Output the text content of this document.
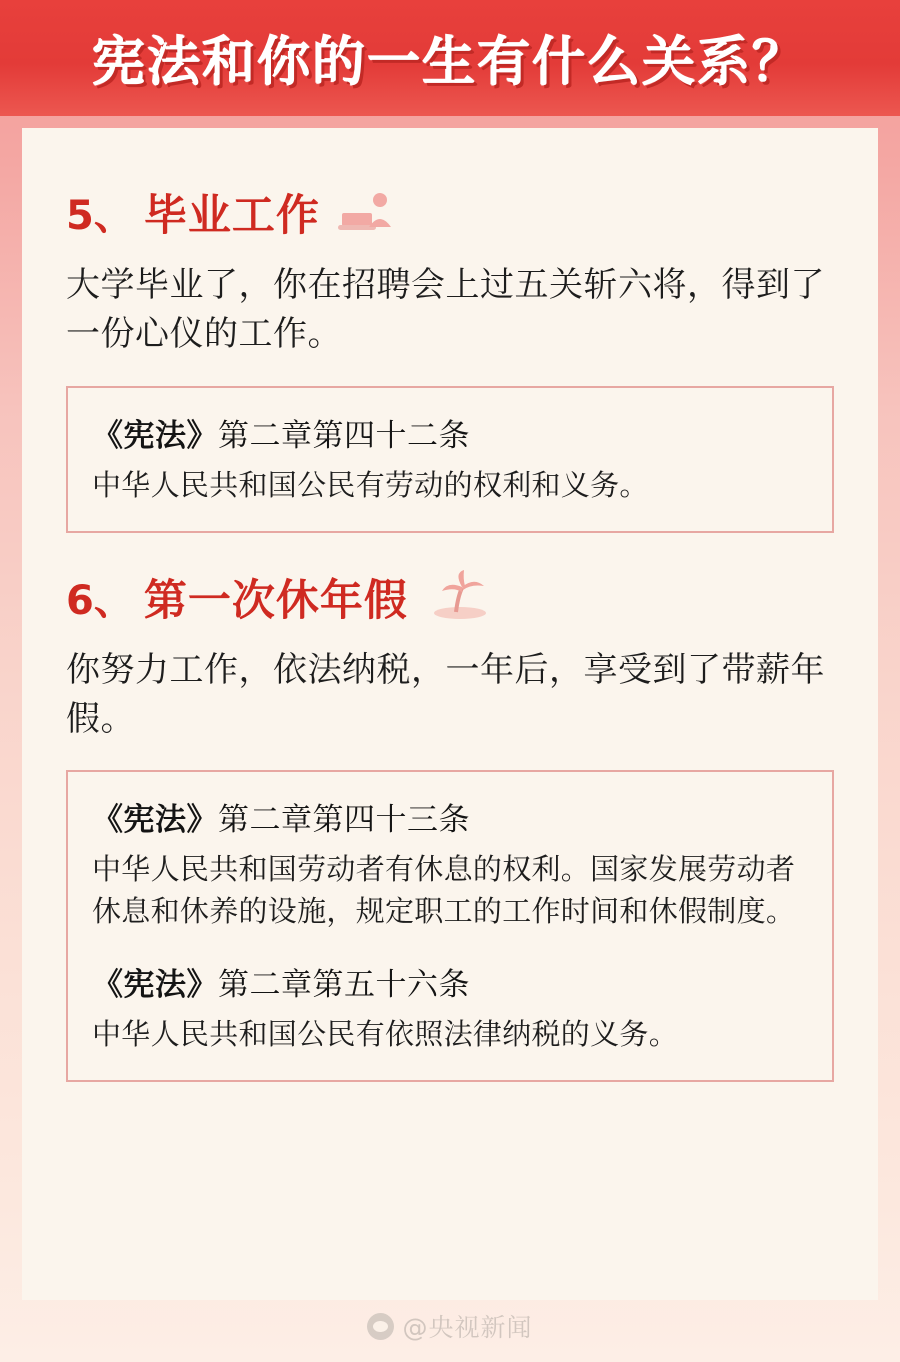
宪法和你的一生有什么关系？
5、 毕业工作

大学毕业了，你在招聘会上过五关斩六将，得到了一份心仪的工作。

《宪法》第二章第四十二条

中华人民共和国公民有劳动的权利和义务。

6、 第一次休年假

你努力工作，依法纳税，一年后，享受到了带薪年假。

《宪法》第二章第四十三条

中华人民共和国劳动者有休息的权利。国家发展劳动者休息和休养的设施，规定职工的工作时间和休假制度。

《宪法》第二章第五十六条

中华人民共和国公民有依照法律纳税的义务。

@央视新闻
